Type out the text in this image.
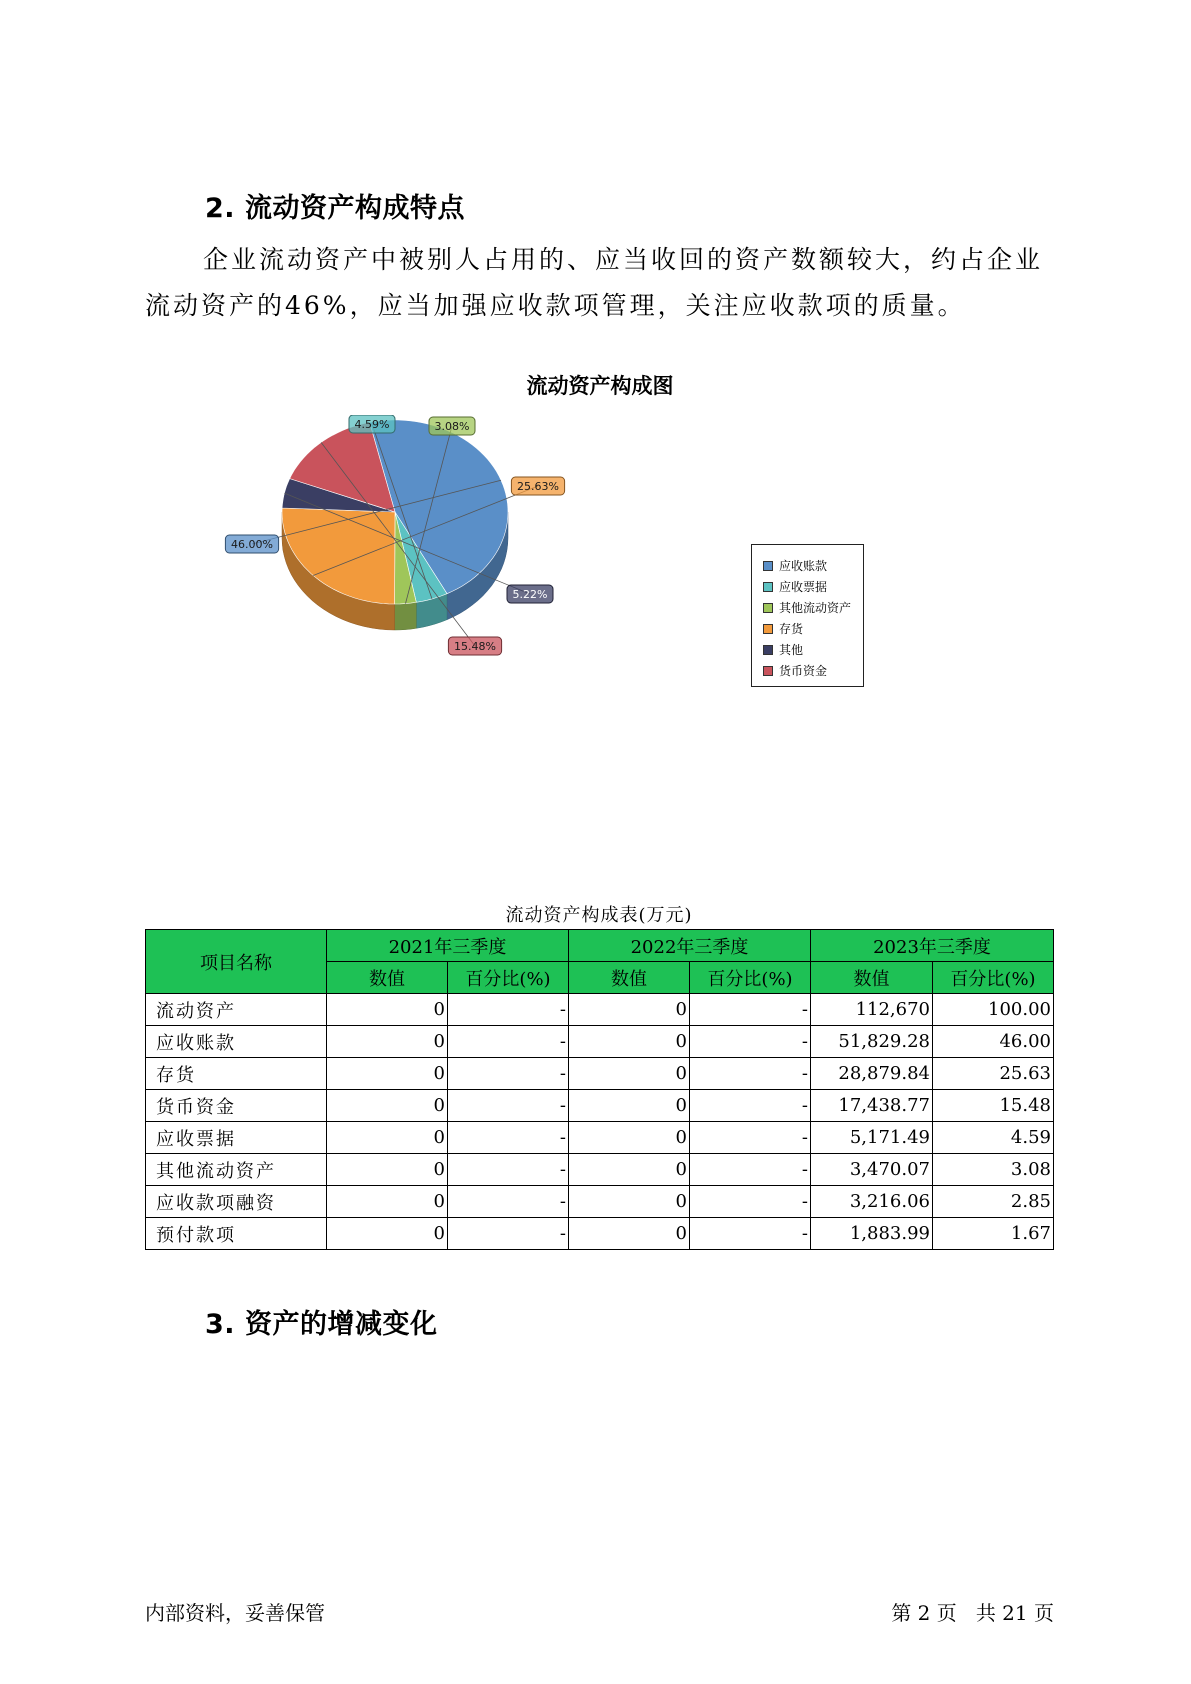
2. 流动资产构成特点

企业流动资产中被别人占用的、应当收回的资产数额较大，约占企业

流动资产的46%，应当加强应收款项管理，关注应收款项的质量。

流动资产构成图
46.00%
4.59%	3.08%
25.63%
5.22%
15.48%
应收账款
应收票据
其他流动资产
存货
其他
货币资金
流动资产构成表(万元)
项目名称	2021年三季度		2022年三季度		2023年三季度	
	数值	百分比(%)	数值	百分比(%)	数值	百分比(%)
流动资产	0	-	0	-	112,670	100.00
应收账款	0	-	0	-	51,829.28	46.00
存货	0	-	0	-	28,879.84	25.63
货币资金	0	-	0	-	17,438.77	15.48
应收票据	0	-	0	-	5,171.49	4.59
其他流动资产	0	-	0	-	3,470.07	3.08
应收款项融资	0	-	0	-	3,216.06	2.85
预付款项	0	-	0	-	1,883.99	1.67
3. 资产的增减变化
内部资料，妥善保管	第 2 页   共 21 页
